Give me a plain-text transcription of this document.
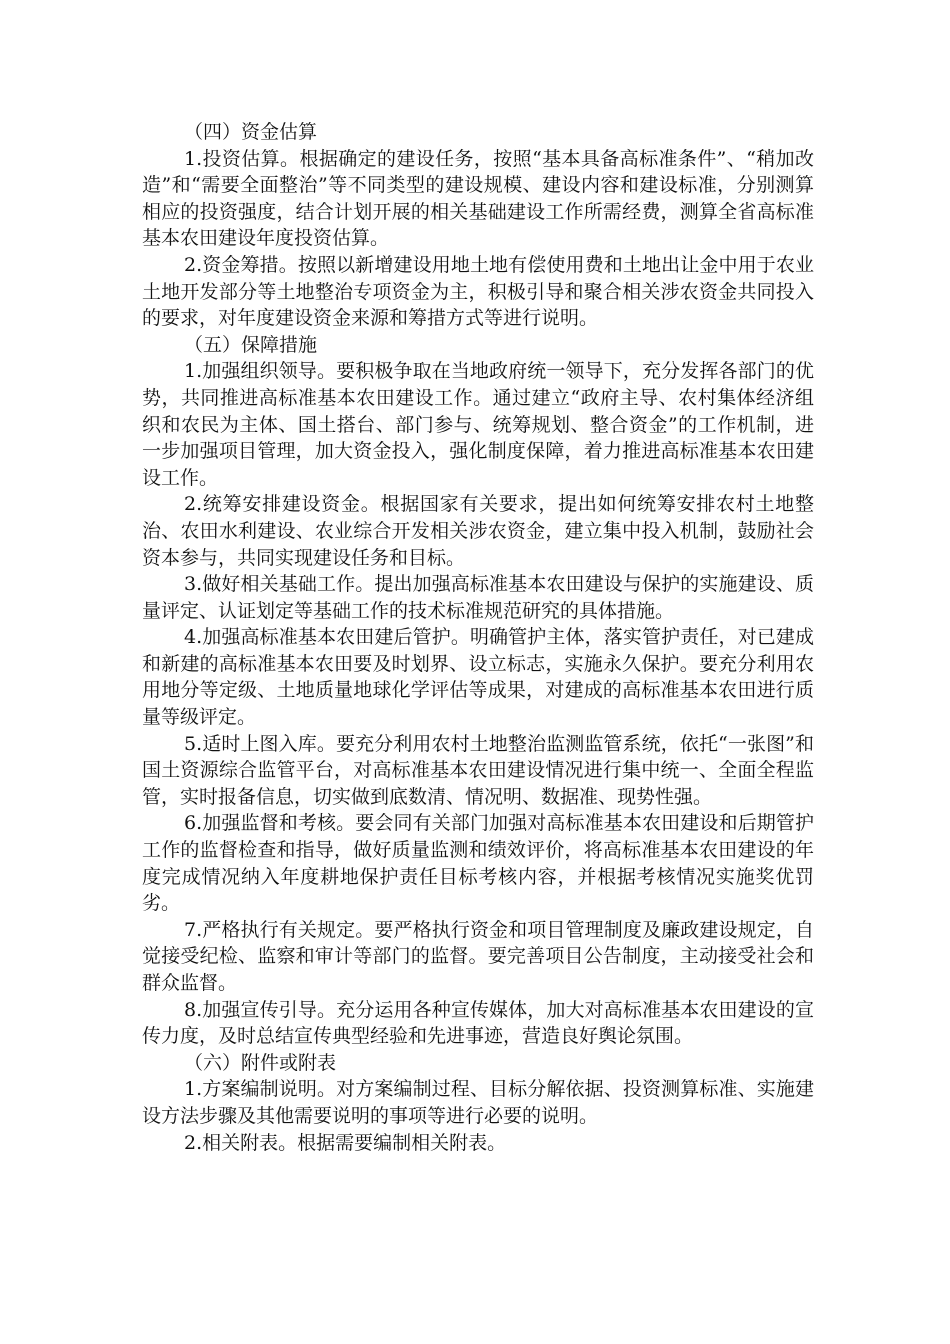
（四）资金估算

1.投资估算。根据确定的建设任务，按照“基本具备高标准条件”、“稍加改造”和“需要全面整治”等不同类型的建设规模、建设内容和建设标准，分别测算相应的投资强度，结合计划开展的相关基础建设工作所需经费，测算全省高标准基本农田建设年度投资估算。

2.资金筹措。按照以新增建设用地土地有偿使用费和土地出让金中用于农业土地开发部分等土地整治专项资金为主，积极引导和聚合相关涉农资金共同投入的要求，对年度建设资金来源和筹措方式等进行说明。

（五）保障措施

1.加强组织领导。要积极争取在当地政府统一领导下，充分发挥各部门的优势，共同推进高标准基本农田建设工作。通过建立“政府主导、农村集体经济组织和农民为主体、国土搭台、部门参与、统筹规划、整合资金”的工作机制，进一步加强项目管理，加大资金投入，强化制度保障，着力推进高标准基本农田建设工作。

2.统筹安排建设资金。根据国家有关要求，提出如何统筹安排农村土地整治、农田水利建设、农业综合开发相关涉农资金，建立集中投入机制，鼓励社会资本参与，共同实现建设任务和目标。

3.做好相关基础工作。提出加强高标准基本农田建设与保护的实施建设、质量评定、认证划定等基础工作的技术标准规范研究的具体措施。

4.加强高标准基本农田建后管护。明确管护主体，落实管护责任，对已建成和新建的高标准基本农田要及时划界、设立标志，实施永久保护。要充分利用农用地分等定级、土地质量地球化学评估等成果，对建成的高标准基本农田进行质量等级评定。

5.适时上图入库。要充分利用农村土地整治监测监管系统，依托“一张图”和国土资源综合监管平台，对高标准基本农田建设情况进行集中统一、全面全程监管，实时报备信息，切实做到底数清、情况明、数据准、现势性强。

6.加强监督和考核。要会同有关部门加强对高标准基本农田建设和后期管护工作的监督检查和指导，做好质量监测和绩效评价，将高标准基本农田建设的年度完成情况纳入年度耕地保护责任目标考核内容，并根据考核情况实施奖优罚劣。

7.严格执行有关规定。要严格执行资金和项目管理制度及廉政建设规定，自觉接受纪检、监察和审计等部门的监督。要完善项目公告制度，主动接受社会和群众监督。

8.加强宣传引导。充分运用各种宣传媒体，加大对高标准基本农田建设的宣传力度，及时总结宣传典型经验和先进事迹，营造良好舆论氛围。

（六）附件或附表

1.方案编制说明。对方案编制过程、目标分解依据、投资测算标准、实施建设方法步骤及其他需要说明的事项等进行必要的说明。

2.相关附表。根据需要编制相关附表。
